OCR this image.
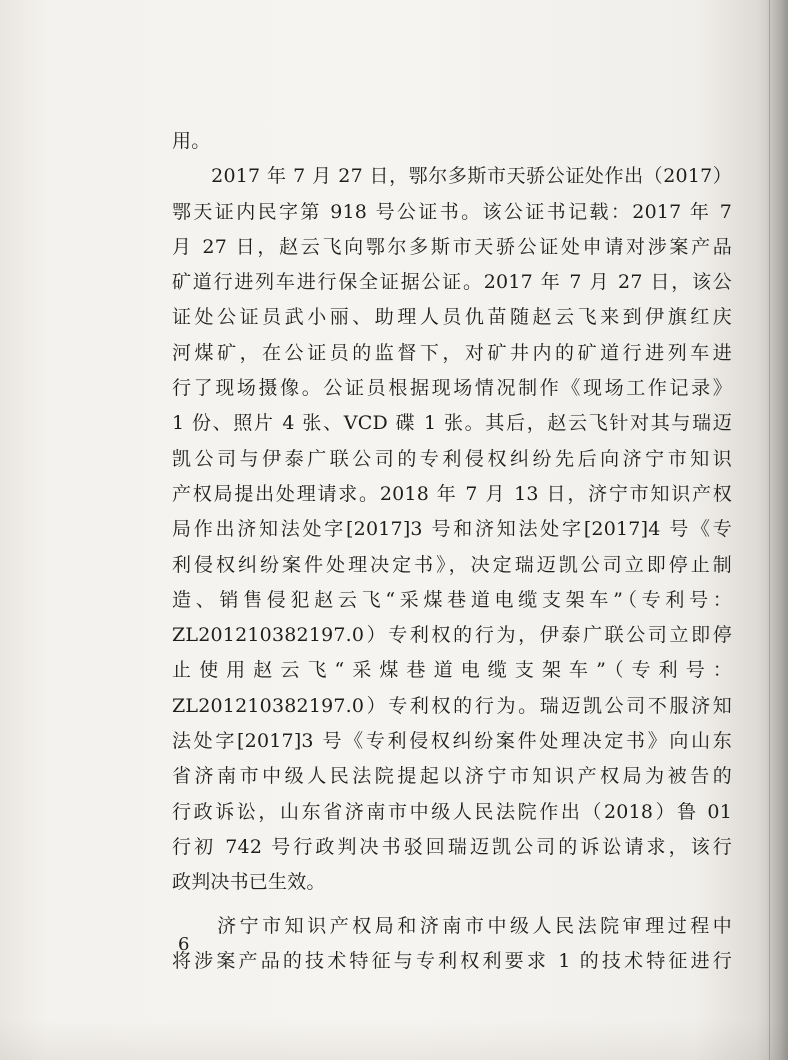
用。
　　2017 年 7 月 27 日，鄂尔多斯市天骄公证处作出（2017）
鄂天证内民字第 918 号公证书。该公证书记载：2017 年 7
月 27 日，赵云飞向鄂尔多斯市天骄公证处申请对涉案产品
矿道行进列车进行保全证据公证。2017 年 7 月 27 日，该公
证处公证员武小丽、助理人员仇苗随赵云飞来到伊旗红庆
河煤矿，在公证员的监督下，对矿井内的矿道行进列车进
行了现场摄像。公证员根据现场情况制作《现场工作记录》
1 份、照片 4 张、VCD 碟 1 张。其后，赵云飞针对其与瑞迈
凯公司与伊泰广联公司的专利侵权纠纷先后向济宁市知识
产权局提出处理请求。2018 年 7 月 13 日，济宁市知识产权
局作出济知法处字[2017]3 号和济知法处字[2017]4 号《专
利侵权纠纷案件处理决定书》，决定瑞迈凯公司立即停止制
造、销售侵犯赵云飞“采煤巷道电缆支架车”（专利号：
ZL201210382197.0）专利权的行为，伊泰广联公司立即停
止使用赵云飞“采煤巷道电缆支架车”（专利号：
ZL201210382197.0）专利权的行为。瑞迈凯公司不服济知
法处字[2017]3 号《专利侵权纠纷案件处理决定书》向山东
省济南市中级人民法院提起以济宁市知识产权局为被告的
行政诉讼，山东省济南市中级人民法院作出（2018）鲁 01
行初 742 号行政判决书驳回瑞迈凯公司的诉讼请求，该行
政判决书已生效。
　　济宁市知识产权局和济南市中级人民法院审理过程中
将涉案产品的技术特征与专利权利要求 1 的技术特征进行
6
